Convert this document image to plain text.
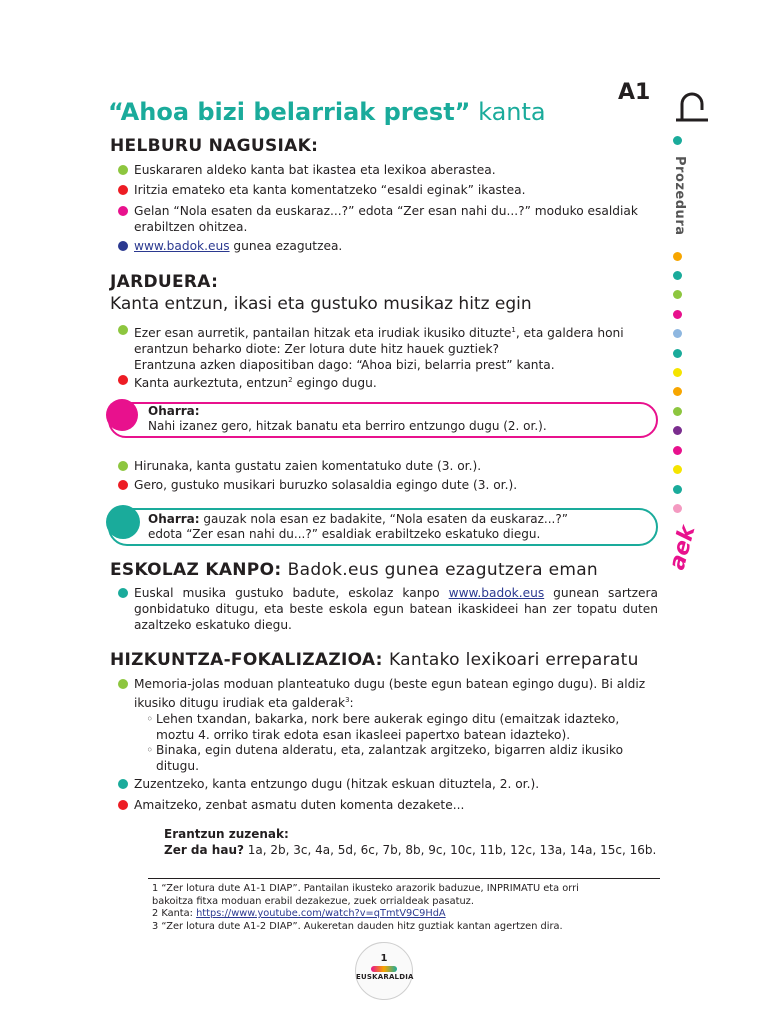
A1
“Ahoa bizi belarriak prest” kanta
HELBURU NAGUSIAK:
Euskararen aldeko kanta bat ikastea eta lexikoa aberastea.
Iritzia emateko eta kanta komentatzeko “esaldi eginak” ikastea.
Gelan “Nola esaten da euskaraz...?” edota “Zer esan nahi du...?” moduko esaldiak erabiltzen ohitzea.
www.badok.eus gunea ezagutzea.
JARDUERA:
Kanta entzun, ikasi eta gustuko musikaz hitz egin
Ezer esan aurretik, pantailan hitzak eta irudiak ikusiko dituzte$^1$, eta galdera honi erantzun beharko diote: Zer lotura dute hitz hauek guztiek?
Erantzuna azken diapositiban dago: “Ahoa bizi, belarria prest” kanta.
Kanta aurkeztuta, entzun$^2$ egingo dugu.
Oharra:
Nahi izanez gero, hitzak banatu eta berriro entzungo dugu (2. or.).
Hirunaka, kanta gustatu zaien komentatuko dute (3. or.).
Gero, gustuko musikari buruzko solasaldia egingo dute (3. or.).
Oharra: gauzak nola esan ez badakite, “Nola esaten da euskaraz...?”
edota “Zer esan nahi du...?” esaldiak erabiltzeko eskatuko diegu.
ESKOLAZ KANPO: Badok.eus gunea ezagutzera eman
Euskal musika gustuko badute, eskolaz kanpo www.badok.eus gunean sartzera gonbidatuko ditugu, eta beste eskola egun batean ikaskideei han zer topatu duten azaltzeko eskatuko diegu.
HIZKUNTZA-FOKALIZAZIOA: Kantako lexikoari erreparatu
Memoria-jolas moduan planteatuko dugu (beste egun batean egingo dugu). Bi aldiz ikusiko ditugu irudiak eta galderak$^3$:
◦ Lehen txandan, bakarka, nork bere aukerak egingo ditu (emaitzak idazteko, moztu 4. orriko tirak edota esan ikasleei papertxo batean idazteko).
◦ Binaka, egin dutena alderatu, eta, zalantzak argitzeko, bigarren aldiz ikusiko ditugu.
Zuzentzeko, kanta entzungo dugu (hitzak eskuan dituztela, 2. or.).
Amaitzeko, zenbat asmatu duten komenta dezakete...
Erantzun zuzenak:
Zer da hau? 1a, 2b, 3c, 4a, 5d, 6c, 7b, 8b, 9c, 10c, 11b, 12c, 13a, 14a, 15c, 16b.
1 “Zer lotura dute A1-1 DIAP”. Pantailan ikusteko arazorik baduzue, INPRIMATU eta orri
bakoitza fitxa moduan erabil dezakezue, zuek orrialdeak pasatuz.
2 Kanta: https://www.youtube.com/watch?v=qTmtV9C9HdA
3 “Zer lotura dute A1-2 DIAP”. Aukeretan dauden hitz guztiak kantan agertzen dira.
1
EUSKARALDIA
Prozedura
aek
